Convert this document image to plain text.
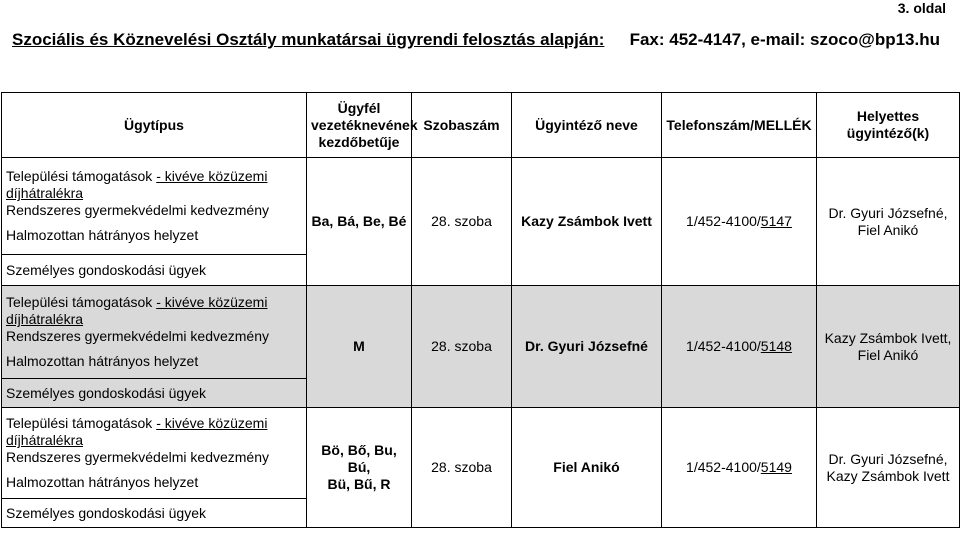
3. oldal
Szociális és Köznevelési Osztály munkatársai ügyrendi felosztás alapján: Fax: 452-4147, e-mail: szoco@bp13.hu
Ügytípus	Ügyfél vezetéknevének kezdőbetűje	Szobaszám	Ügyintéző neve	Telefonszám/MELLÉK	Helyettes ügyintéző(k)

Települési támogatások - kivéve közüzemi díjhátralékra
Rendszeres gyermekvédelmi kedvezmény
Halmozottan hátrányos helyzet	Ba, Bá, Be, Bé	28. szoba	Kazy Zsámbok Ivett	1/452-4100/5147	Dr. Gyuri Józsefné,
Fiel Anikó
Személyes gondoskodási ügyek					

Települési támogatások - kivéve közüzemi díjhátralékra
Rendszeres gyermekvédelmi kedvezmény
Halmozottan hátrányos helyzet	M	28. szoba	Dr. Gyuri Józsefné	1/452-4100/5148	Kazy Zsámbok Ivett,
Fiel Anikó
Személyes gondoskodási ügyek					

Települési támogatások - kivéve közüzemi díjhátralékra
Rendszeres gyermekvédelmi kedvezmény
Halmozottan hátrányos helyzet	Bö, Bő, Bu, Bú,
Bü, Bű, R	28. szoba	Fiel Anikó	1/452-4100/5149	Dr. Gyuri Józsefné,
Kazy Zsámbok Ivett
Személyes gondoskodási ügyek					
